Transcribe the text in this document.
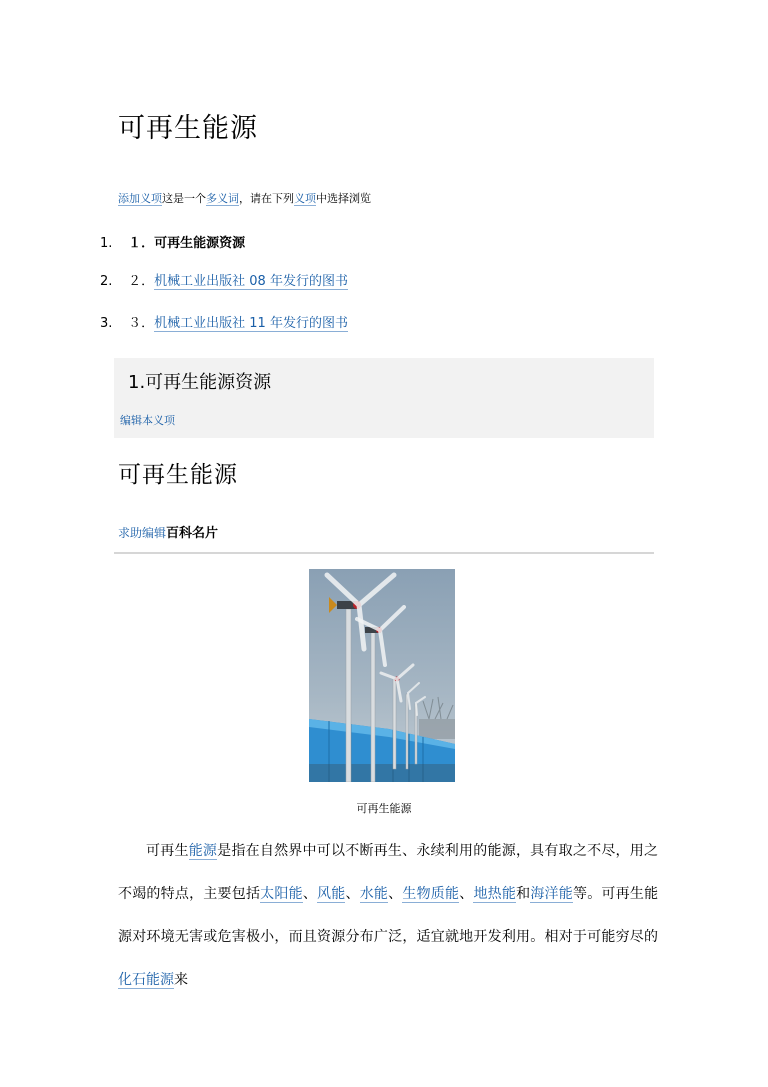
可再生能源
添加义项这是一个多义词，请在下列义项中选择浏览
1. １．可再生能源资源
2. ２．机械工业出版社 08 年发行的图书
3. ３．机械工业出版社 11 年发行的图书
1.可再生能源资源
编辑本义项
可再生能源
求助编辑百科名片
可再生能源

可再生能源是指在自然界中可以不断再生、永续利用的能源，具有取之不尽，用之不竭的特点，主要包括太阳能、风能、水能、生物质能、地热能和海洋能等。可再生能源对环境无害或危害极小，而且资源分布广泛，适宜就地开发利用。相对于可能穷尽的化石能源来
